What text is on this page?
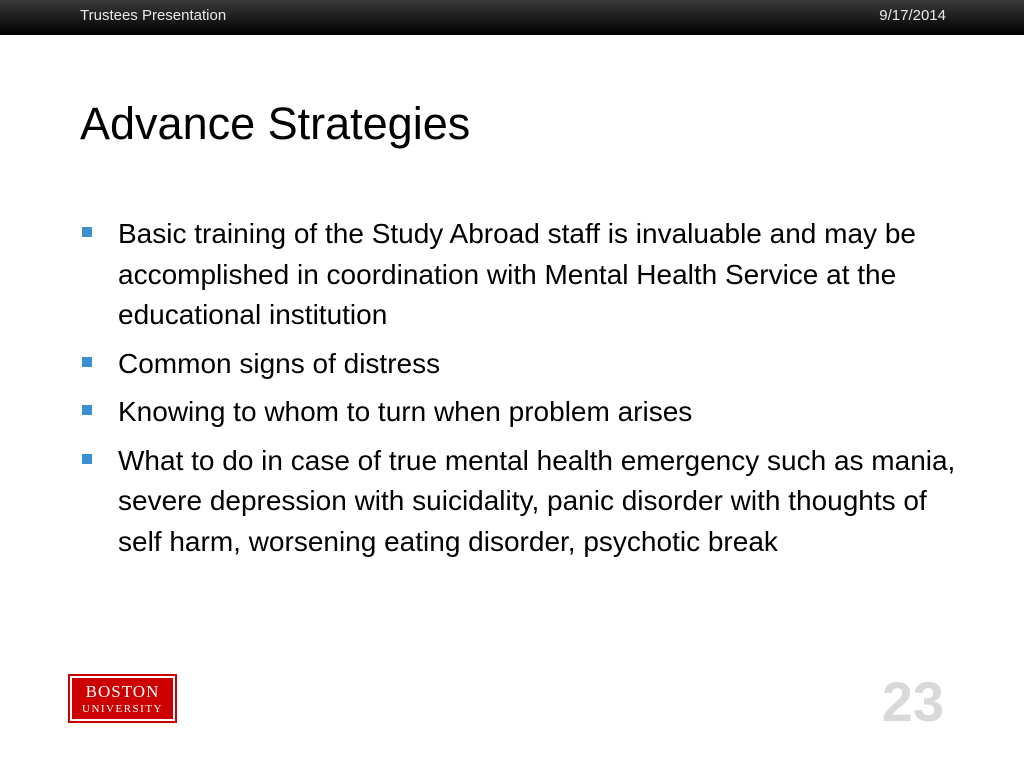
Trustees Presentation	9/17/2014
Advance Strategies
Basic training of the Study Abroad staff is invaluable and may be accomplished in coordination with Mental Health Service at the educational institution
Common signs of distress
Knowing to whom to turn when problem arises
What to do in case of true mental health emergency such as mania, severe depression with suicidality, panic disorder with thoughts of self harm, worsening eating disorder, psychotic break
BOSTON
UNIVERSITY	23
